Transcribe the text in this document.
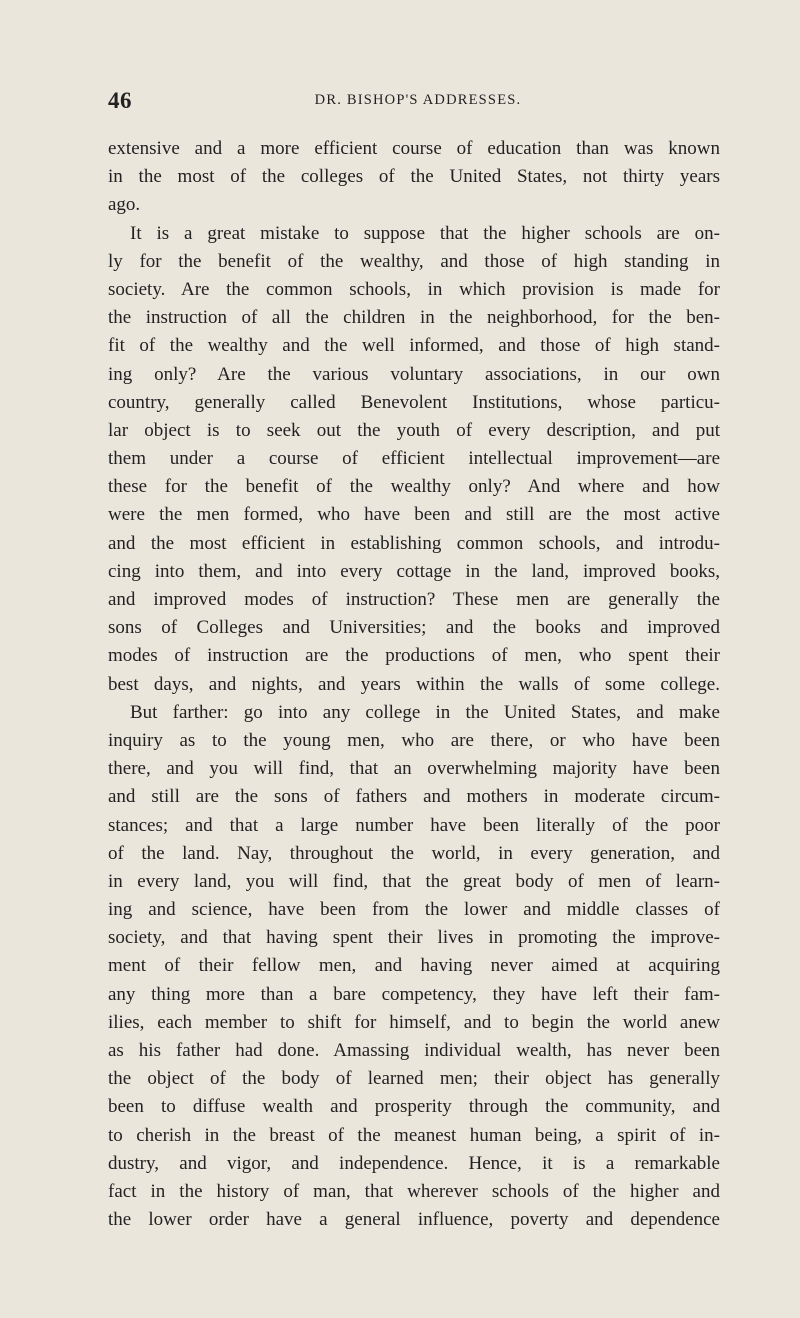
46	DR. BISHOP'S ADDRESSES.
extensive and a more efficient course of education than was known
in the most of the colleges of the United States, not thirty years
ago.
It is a great mistake to suppose that the higher schools are on-
ly for the benefit of the wealthy, and those of high standing in
society. Are the common schools, in which provision is made for
the instruction of all the children in the neighborhood, for the ben-
fit of the wealthy and the well informed, and those of high stand-
ing only? Are the various voluntary associations, in our own
country, generally called Benevolent Institutions, whose particu-
lar object is to seek out the youth of every description, and put
them under a course of efficient intellectual improvement—are
these for the benefit of the wealthy only? And where and how
were the men formed, who have been and still are the most active
and the most efficient in establishing common schools, and introdu-
cing into them, and into every cottage in the land, improved books,
and improved modes of instruction? These men are generally the
sons of Colleges and Universities; and the books and improved
modes of instruction are the productions of men, who spent their
best days, and nights, and years within the walls of some college.
But farther: go into any college in the United States, and make
inquiry as to the young men, who are there, or who have been
there, and you will find, that an overwhelming majority have been
and still are the sons of fathers and mothers in moderate circum-
stances; and that a large number have been literally of the poor
of the land. Nay, throughout the world, in every generation, and
in every land, you will find, that the great body of men of learn-
ing and science, have been from the lower and middle classes of
society, and that having spent their lives in promoting the improve-
ment of their fellow men, and having never aimed at acquiring
any thing more than a bare competency, they have left their fam-
ilies, each member to shift for himself, and to begin the world anew
as his father had done. Amassing individual wealth, has never been
the object of the body of learned men; their object has generally
been to diffuse wealth and prosperity through the community, and
to cherish in the breast of the meanest human being, a spirit of in-
dustry, and vigor, and independence. Hence, it is a remarkable
fact in the history of man, that wherever schools of the higher and
the lower order have a general influence, poverty and dependence
